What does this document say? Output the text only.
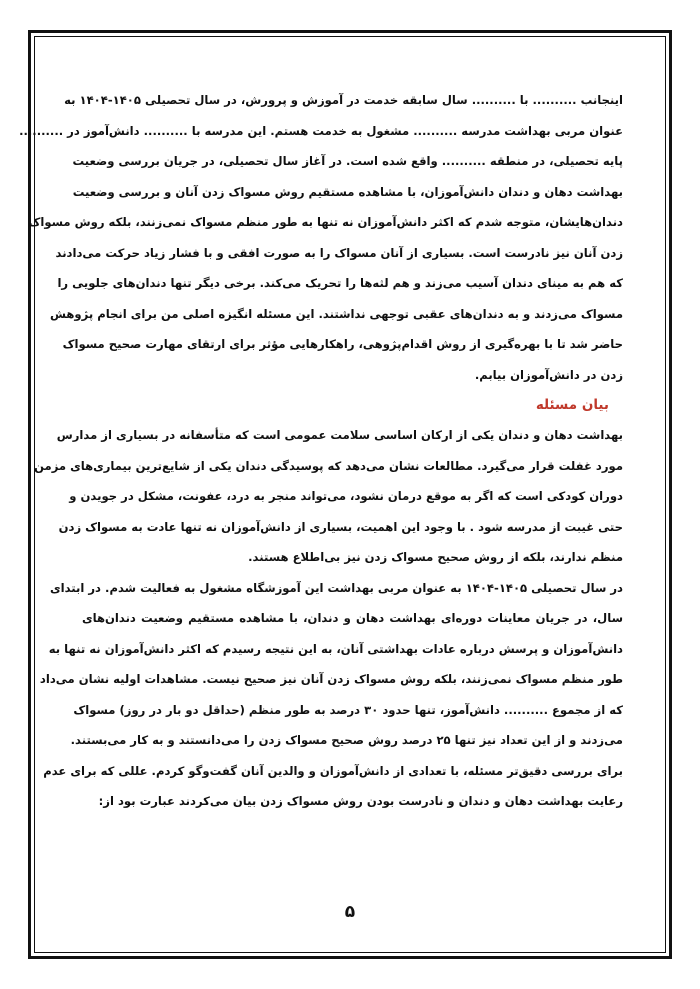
اینجانب .......... با .......... سال سابقه خدمت در آموزش و پرورش، در سال تحصیلی ۱۴۰۵-۱۴۰۴ به

عنوان مربی بهداشت مدرسه .......... مشغول به خدمت هستم. این مدرسه با .......... دانش‌آموز در ..........

پایه تحصیلی، در منطقه .......... واقع شده است. در آغاز سال تحصیلی، در جریان بررسی وضعیت

بهداشت دهان و دندان دانش‌آموزان، با مشاهده مستقیم روش مسواک زدن آنان و بررسی وضعیت

دندان‌هایشان، متوجه شدم که اکثر دانش‌آموزان نه تنها به طور منظم مسواک نمی‌زنند، بلکه روش مسواک

زدن آنان نیز نادرست است. بسیاری از آنان مسواک را به صورت افقی و با فشار زیاد حرکت می‌دادند

که هم به مینای دندان آسیب می‌زند و هم لثه‌ها را تحریک می‌کند. برخی دیگر تنها دندان‌های جلویی را

مسواک می‌زدند و به دندان‌های عقبی توجهی نداشتند. این مسئله انگیزه اصلی من برای انجام پژوهش

حاضر شد تا با بهره‌گیری از روش اقدام‌پژوهی، راهکارهایی مؤثر برای ارتقای مهارت صحیح مسواک

زدن در دانش‌آموزان بیابم.

بیان مسئله

بهداشت دهان و دندان یکی از ارکان اساسی سلامت عمومی است که متأسفانه در بسیاری از مدارس

مورد غفلت قرار می‌گیرد. مطالعات نشان می‌دهد که پوسیدگی دندان یکی از شایع‌ترین بیماری‌های مزمن

دوران کودکی است که اگر به موقع درمان نشود، می‌تواند منجر به درد، عفونت، مشکل در جویدن و

حتی غیبت از مدرسه شود . با وجود این اهمیت، بسیاری از دانش‌آموزان نه تنها عادت به مسواک زدن

منظم ندارند، بلکه از روش صحیح مسواک زدن نیز بی‌اطلاع هستند.

در سال تحصیلی ۱۴۰۵-۱۴۰۴ به عنوان مربی بهداشت این آموزشگاه مشغول به فعالیت شدم. در ابتدای

سال، در جریان معاینات دوره‌ای بهداشت دهان و دندان، با مشاهده مستقیم وضعیت دندان‌های

دانش‌آموزان و پرسش درباره عادات بهداشتی آنان، به این نتیجه رسیدم که اکثر دانش‌آموزان نه تنها به

طور منظم مسواک نمی‌زنند، بلکه روش مسواک زدن آنان نیز صحیح نیست. مشاهدات اولیه نشان می‌داد

که از مجموع .......... دانش‌آموز، تنها حدود ۳۰ درصد به طور منظم (حداقل دو بار در روز) مسواک

می‌زدند و از این تعداد نیز تنها ۲۵ درصد روش صحیح مسواک زدن را می‌دانستند و به کار می‌بستند.

برای بررسی دقیق‌تر مسئله، با تعدادی از دانش‌آموزان و والدین آنان گفت‌وگو کردم. عللی که برای عدم

رعایت بهداشت دهان و دندان و نادرست بودن روش مسواک زدن بیان می‌کردند عبارت بود از:

۵
